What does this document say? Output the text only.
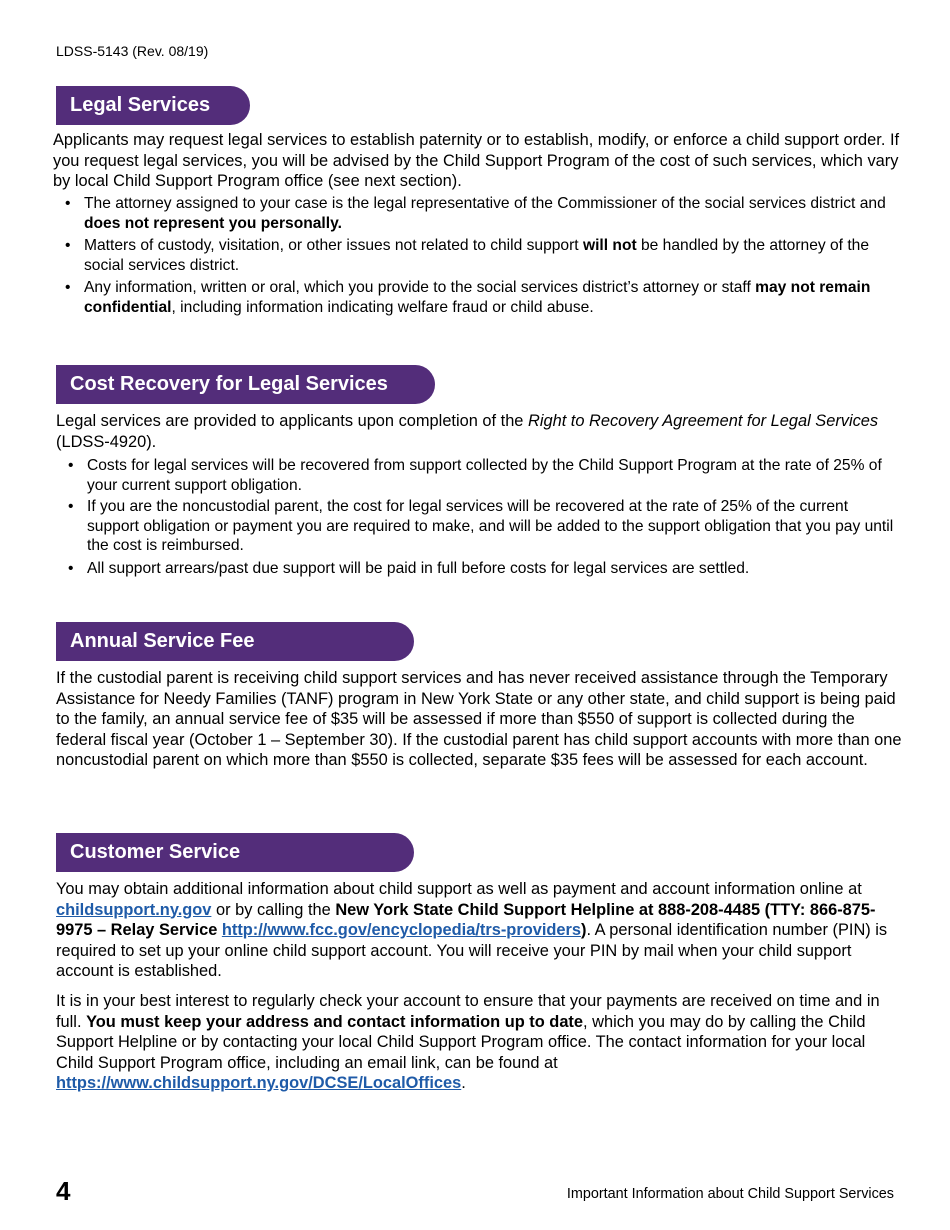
LDSS-5143 (Rev. 08/19)
Legal Services
Applicants may request legal services to establish paternity or to establish, modify, or enforce a child support order. If you request legal services, you will be advised by the Child Support Program of the cost of such services, which vary by local Child Support Program office (see next section).
• The attorney assigned to your case is the legal representative of the Commissioner of the social services district and does not represent you personally.
• Matters of custody, visitation, or other issues not related to child support will not be handled by the attorney of the social services district.
• Any information, written or oral, which you provide to the social services district’s attorney or staff may not remain confidential, including information indicating welfare fraud or child abuse.
Cost Recovery for Legal Services
Legal services are provided to applicants upon completion of the Right to Recovery Agreement for Legal Services (LDSS-4920).
• Costs for legal services will be recovered from support collected by the Child Support Program at the rate of 25% of your current support obligation.
• If you are the noncustodial parent, the cost for legal services will be recovered at the rate of 25% of the current support obligation or payment you are required to make, and will be added to the support obligation that you pay until the cost is reimbursed.
• All support arrears/past due support will be paid in full before costs for legal services are settled.
Annual Service Fee
If the custodial parent is receiving child support services and has never received assistance through the Temporary Assistance for Needy Families (TANF) program in New York State or any other state, and child support is being paid to the family, an annual service fee of $35 will be assessed if more than $550 of support is collected during the federal fiscal year (October 1 – September 30). If the custodial parent has child support accounts with more than one noncustodial parent on which more than $550 is collected, separate $35 fees will be assessed for each account.
Customer Service
You may obtain additional information about child support as well as payment and account information online at childsupport.ny.gov or by calling the New York State Child Support Helpline at 888-208-4485 (TTY: 866-875-9975 – Relay Service http://www.fcc.gov/encyclopedia/trs-providers). A personal identification number (PIN) is required to set up your online child support account. You will receive your PIN by mail when your child support account is established.
It is in your best interest to regularly check your account to ensure that your payments are received on time and in full. You must keep your address and contact information up to date, which you may do by calling the Child Support Helpline or by contacting your local Child Support Program office. The contact information for your local Child Support Program office, including an email link, can be found at https://www.childsupport.ny.gov/DCSE/LocalOffices.
4	Important Information about Child Support Services
